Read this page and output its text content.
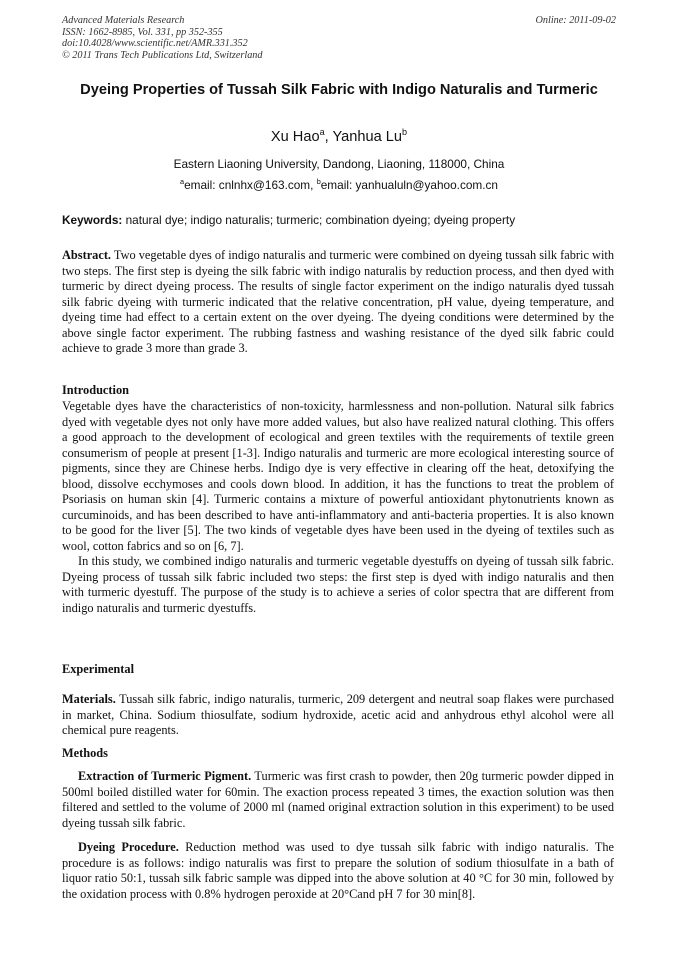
Advanced Materials Research
ISSN: 1662-8985, Vol. 331, pp 352-355
doi:10.4028/www.scientific.net/AMR.331.352
© 2011 Trans Tech Publications Ltd, Switzerland
Online: 2011-09-02
Dyeing Properties of Tussah Silk Fabric with Indigo Naturalis and Turmeric
Xu Hao$^a$, Yanhua Lu$^b$
Eastern Liaoning University, Dandong, Liaoning, 118000, China
$^a$email: cnlnhx@163.com, $^b$email: yanhualuln@yahoo.com.cn
Keywords: natural dye; indigo naturalis; turmeric; combination dyeing; dyeing property

Abstract. Two vegetable dyes of indigo naturalis and turmeric were combined on dyeing tussah silk fabric with two steps. The first step is dyeing the silk fabric with indigo naturalis by reduction process, and then dyed with turmeric by direct dyeing process. The results of single factor experiment on the indigo naturalis dyed tussah silk fabric dyeing with turmeric indicated that the relative concentration, pH value, dyeing temperature, and dyeing time had effect to a certain extent on the over dyeing. The dyeing conditions were determined by the above single factor experiment. The rubbing fastness and washing resistance of the dyed silk fabric could achieve to grade 3 more than grade 3.

Introduction

Vegetable dyes have the characteristics of non-toxicity, harmlessness and non-pollution. Natural silk fabrics dyed with vegetable dyes not only have more added values, but also have realized natural clothing. This offers a good approach to the development of ecological and green textiles with the requirements of textile green consumerism of people at present [1-3]. Indigo naturalis and turmeric are more ecological interesting source of pigments, since they are Chinese herbs. Indigo dye is very effective in clearing off the heat, detoxifying the blood, dissolve ecchymoses and cools down blood. In addition, it has the functions to treat the problem of Psoriasis on human skin [4]. Turmeric contains a mixture of powerful antioxidant phytonutrients known as curcuminoids, and has been described to have anti-inflammatory and anti-bacteria properties. It is also known to be good for the liver [5]. The two kinds of vegetable dyes have been used in the dyeing of textiles such as wool, cotton fabrics and so on [6, 7].

In this study, we combined indigo naturalis and turmeric vegetable dyestuffs on dyeing of tussah silk fabric. Dyeing process of tussah silk fabric included two steps: the first step is dyed with indigo naturalis and then with turmeric dyestuff. The purpose of the study is to achieve a series of color spectra that are different from indigo naturalis and turmeric dyestuffs.

Experimental

Materials. Tussah silk fabric, indigo naturalis, turmeric, 209 detergent and neutral soap flakes were purchased in market, China. Sodium thiosulfate, sodium hydroxide, acetic acid and anhydrous ethyl alcohol were all chemical pure reagents.

Methods

Extraction of Turmeric Pigment. Turmeric was first crash to powder, then 20g turmeric powder dipped in 500ml boiled distilled water for 60min. The exaction process repeated 3 times, the exaction solution was then filtered and settled to the volume of 2000 ml (named original extraction solution in this experiment) to be used dyeing tussah silk fabric.

Dyeing Procedure. Reduction method was used to dye tussah silk fabric with indigo naturalis. The procedure is as follows: indigo naturalis was first to prepare the solution of sodium thiosulfate in a bath of liquor ratio 50:1, tussah silk fabric sample was dipped into the above solution at 40 °C for 30 min, followed by the oxidation process with 0.8% hydrogen peroxide at 20°Cand pH 7 for 30 min[8].
